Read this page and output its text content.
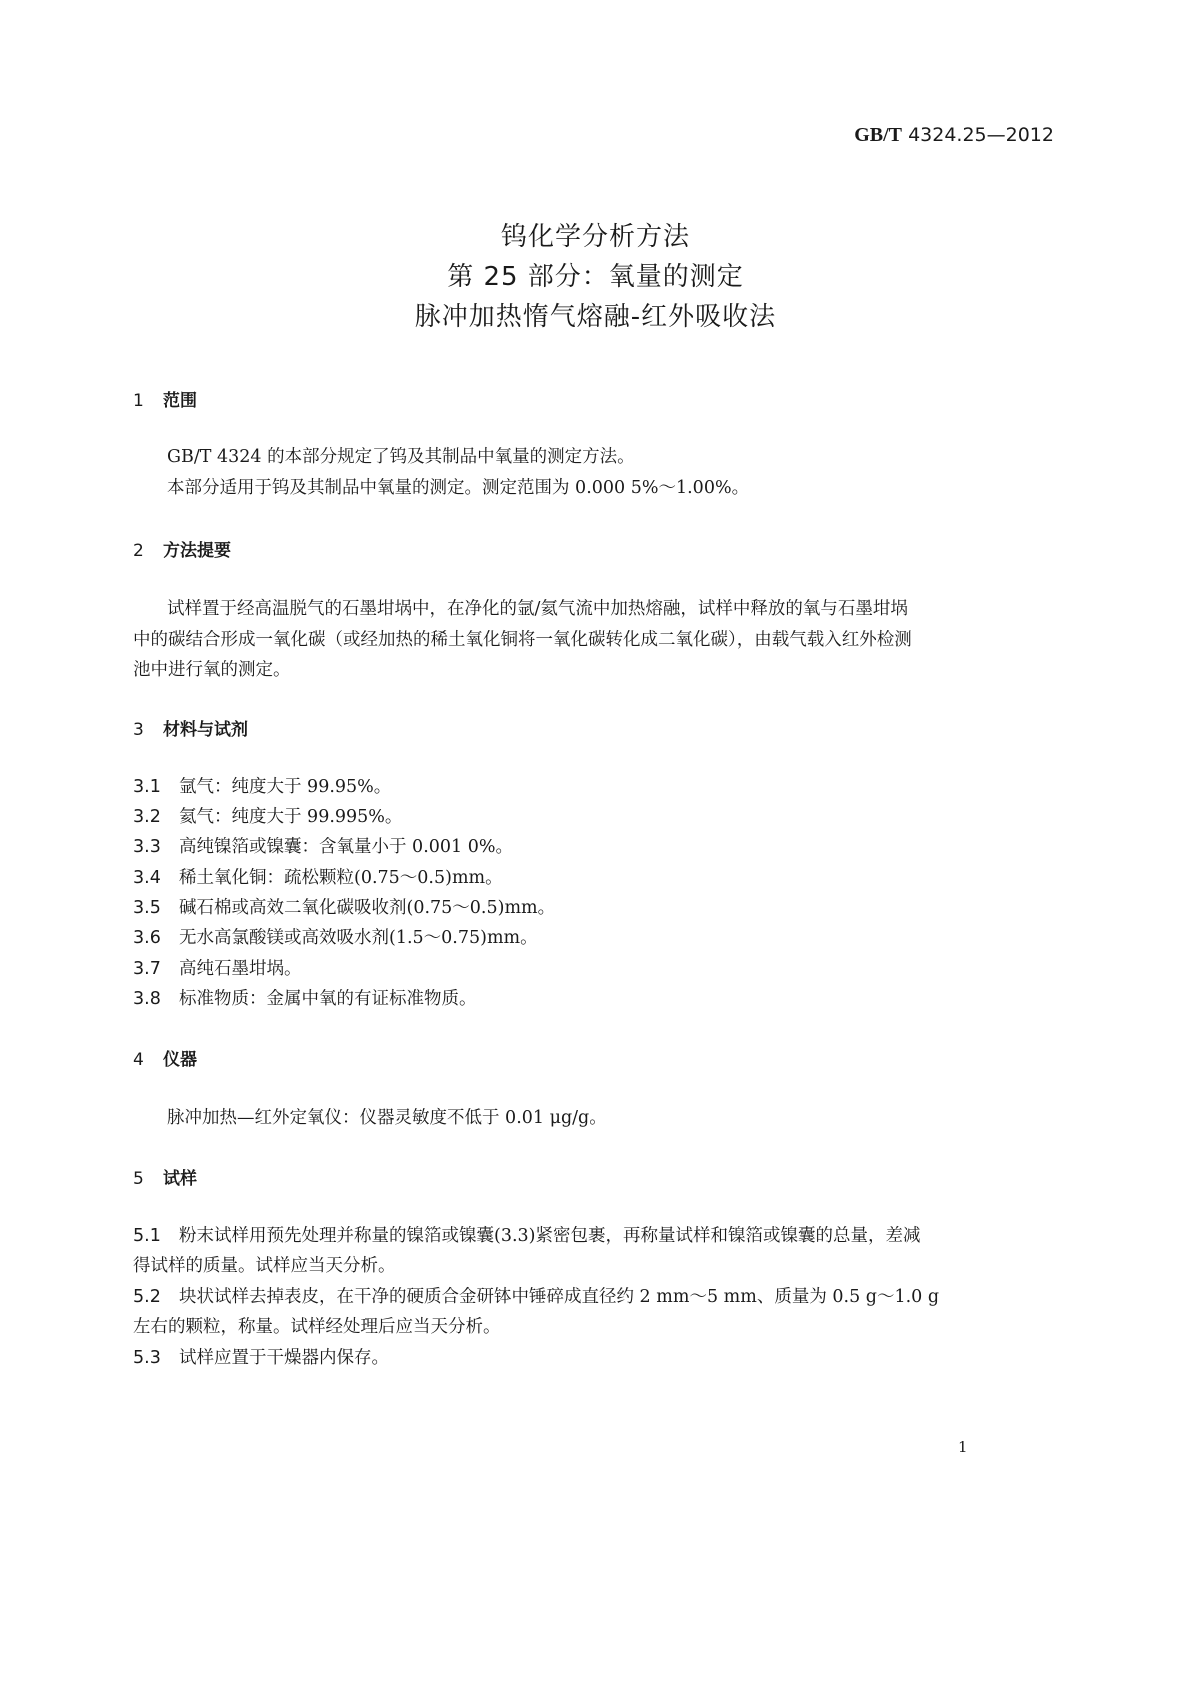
GB/T 4324.25—2012
钨化学分析方法
第 25 部分：氧量的测定
脉冲加热惰气熔融-红外吸收法
1 范围
GB/T 4324 的本部分规定了钨及其制品中氧量的测定方法。
本部分适用于钨及其制品中氧量的测定。测定范围为 0.000 5%～1.00%。
2 方法提要
试样置于经高温脱气的石墨坩埚中，在净化的氩/氦气流中加热熔融，试样中释放的氧与石墨坩埚
中的碳结合形成一氧化碳（或经加热的稀土氧化铜将一氧化碳转化成二氧化碳），由载气载入红外检测
池中进行氧的测定。
3 材料与试剂
3.1 氩气：纯度大于 99.95%。
3.2 氦气：纯度大于 99.995%。
3.3 高纯镍箔或镍囊：含氧量小于 0.001 0%。
3.4 稀土氧化铜：疏松颗粒(0.75～0.5)mm。
3.5 碱石棉或高效二氧化碳吸收剂(0.75～0.5)mm。
3.6 无水高氯酸镁或高效吸水剂(1.5～0.75)mm。
3.7 高纯石墨坩埚。
3.8 标准物质：金属中氧的有证标准物质。
4 仪器
脉冲加热—红外定氧仪：仪器灵敏度不低于 0.01 μg/g。
5 试样
5.1 粉末试样用预先处理并称量的镍箔或镍囊(3.3)紧密包裹，再称量试样和镍箔或镍囊的总量，差减
得试样的质量。试样应当天分析。
5.2 块状试样去掉表皮，在干净的硬质合金研钵中锤碎成直径约 2 mm～5 mm、质量为 0.5 g～1.0 g
左右的颗粒，称量。试样经处理后应当天分析。
5.3 试样应置于干燥器内保存。
1
